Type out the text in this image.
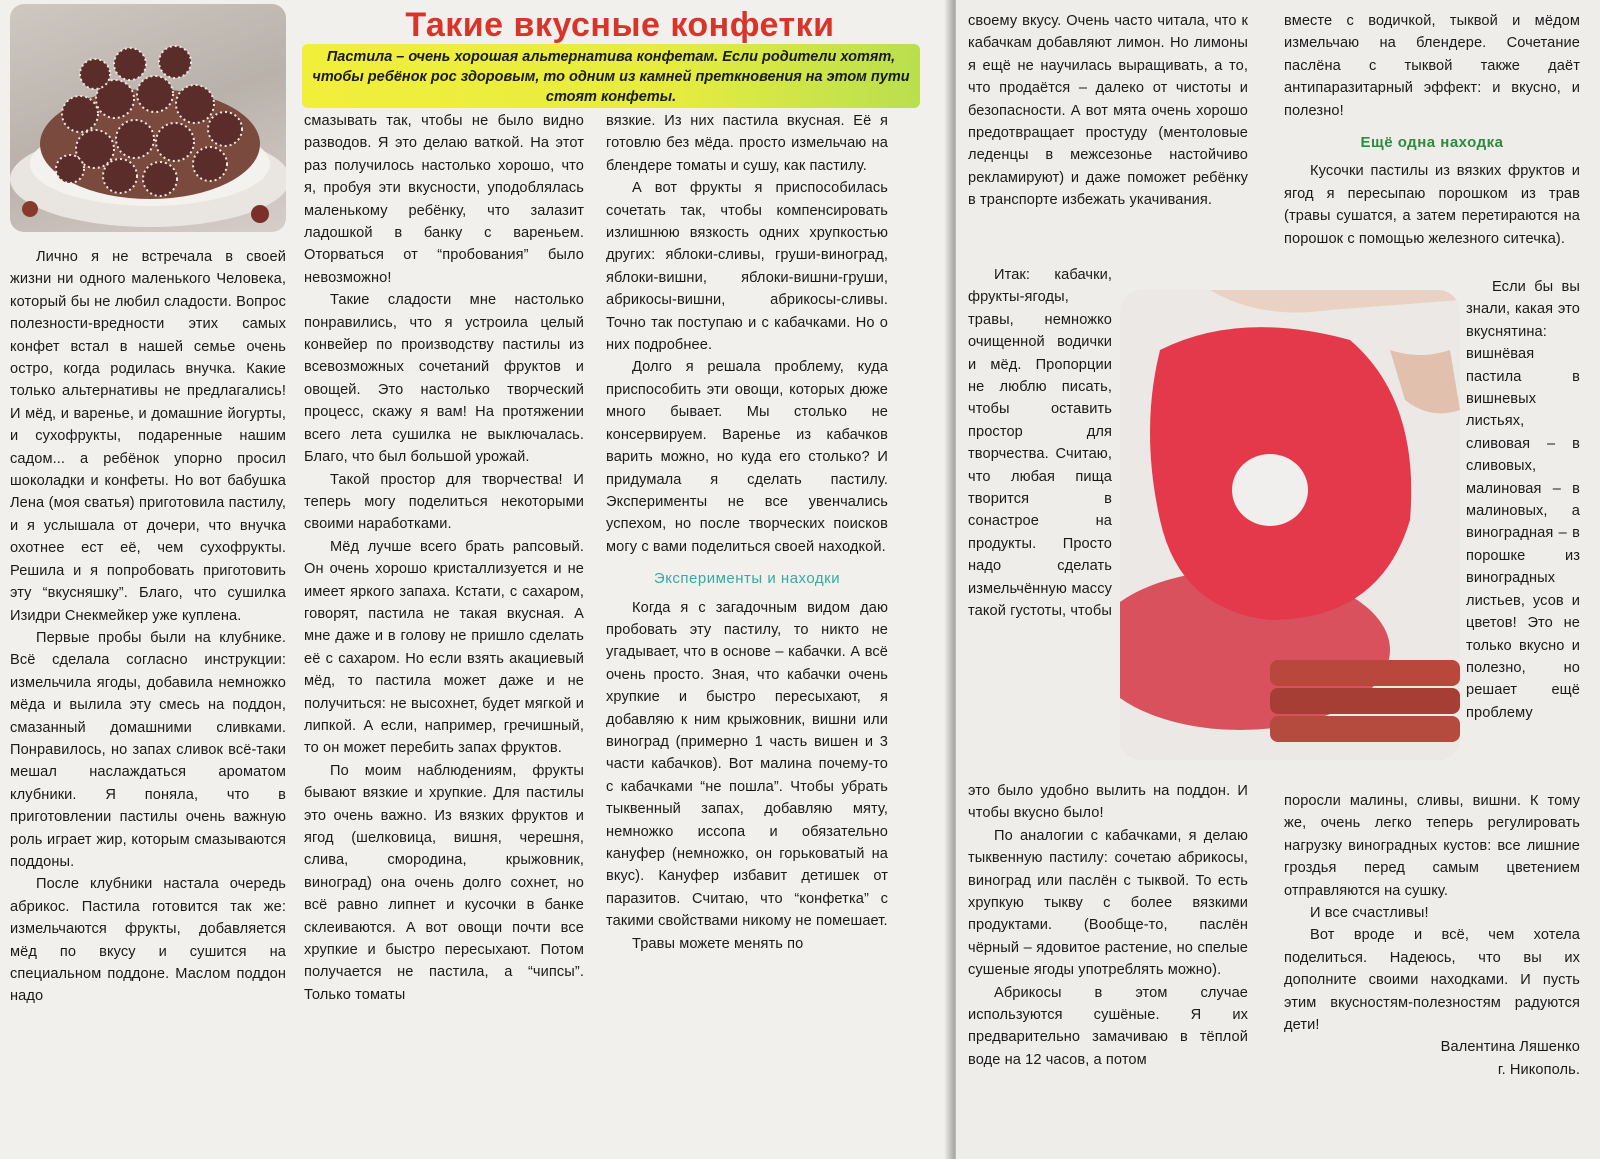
Такие вкусные конфетки
Пастила – очень хорошая альтернатива конфетам. Если родители хотят, чтобы ребёнок рос здоровым, то одним из камней преткновения на этом пути стоят конфеты.

Лично я не встречала в своей жизни ни одного маленького Человека, который бы не любил сладости. Вопрос полезности-вредности этих самых конфет встал в нашей семье очень остро, когда родилась внучка. Какие только альтернативы не предлагались! И мёд, и варенье, и домашние йогурты, и сухофрукты, подаренные нашим садом... а ребёнок упорно просил шоколадки и конфеты. Но вот бабушка Лена (моя сватья) приготовила пастилу, и я услышала от дочери, что внучка охотнее ест её, чем сухофрукты. Решила и я попробовать приготовить эту “вкусняшку”. Благо, что сушилка Изидри Снекмейкер уже куплена.

Первые пробы были на клубнике. Всё сделала согласно инструкции: измельчила ягоды, добавила немножко мёда и вылила эту смесь на поддон, смазанный домашними сливками. Понравилось, но запах сливок всё-таки мешал наслаждаться ароматом клубники. Я поняла, что в приготовлении пастилы очень важную роль играет жир, которым смазываются поддоны.

После клубники настала очередь абрикос. Пастила готовится так же: измельчаются фрукты, добавляется мёд по вкусу и сушится на специальном поддоне. Маслом поддон надо

смазывать так, чтобы не было видно разводов. Я это делаю ваткой. На этот раз получилось настолько хорошо, что я, пробуя эти вкусности, уподоблялась маленькому ребёнку, что залазит ладошкой в банку с вареньем. Оторваться от “пробования” было невозможно!

Такие сладости мне настолько понравились, что я устроила целый конвейер по производству пастилы из всевозможных сочетаний фруктов и овощей. Это настолько творческий процесс, скажу я вам! На протяжении всего лета сушилка не выключалась. Благо, что был большой урожай.

Такой простор для творчества! И теперь могу поделиться некоторыми своими наработками.

Мёд лучше всего брать рапсовый. Он очень хорошо кристаллизуется и не имеет яркого запаха. Кстати, с сахаром, говорят, пастила не такая вкусная. А мне даже и в голову не пришло сделать её с сахаром. Но если взять акациевый мёд, то пастила может даже и не получиться: не высохнет, будет мягкой и липкой. А если, например, гречишный, то он может перебить запах фруктов.

По моим наблюдениям, фрукты бывают вязкие и хрупкие. Для пастилы это очень важно. Из вязких фруктов и ягод (шелковица, вишня, черешня, слива, смородина, крыжовник, виноград) она очень долго сохнет, но всё равно липнет и кусочки в банке склеиваются. А вот овощи почти все хрупкие и быстро пересыхают. Потом получается не пастила, а “чипсы”. Только томаты

вязкие. Из них пастила вкусная. Её я готовлю без мёда. просто измельчаю на блендере томаты и сушу, как пастилу.

А вот фрукты я приспособилась сочетать так, чтобы компенсировать излишнюю вязкость одних хрупкостью других: яблоки-сливы, груши-виноград, яблоки-вишни, яблоки-вишни-груши, абрикосы-вишни, абрикосы-сливы. Точно так поступаю и с кабачками. Но о них подробнее.

Долго я решала проблему, куда приспособить эти овощи, которых дюже много бывает. Мы столько не консервируем. Варенье из кабачков варить можно, но куда его столько? И придумала я сделать пастилу. Эксперименты не все увенчались успехом, но после творческих поисков могу с вами поделиться своей находкой.

Эксперименты и находки

Когда я с загадочным видом даю пробовать эту пастилу, то никто не угадывает, что в основе – кабачки. А всё очень просто. Зная, что кабачки очень хрупкие и быстро пересыхают, я добавляю к ним крыжовник, вишни или виноград (примерно 1 часть вишен и 3 части кабачков). Вот малина почему-то с кабачками “не пошла”. Чтобы убрать тыквенный запах, добавляю мяту, немножко иссопа и обязательно кануфер (немножко, он горьковатый на вкус). Кануфер избавит детишек от паразитов. Считаю, что “конфетка” с такими свойствами никому не помешает.

Травы можете менять по

своему вкусу. Очень часто читала, что к кабачкам добавляют лимон. Но лимоны я ещё не научилась выращивать, а то, что продаётся – далеко от чистоты и безопасности. А вот мята очень хорошо предотвращает простуду (ментоловые леденцы в межсезонье настойчиво рекламируют) и даже поможет ребёнку в транспорте избежать укачивания.

Итак: кабачки, фрукты-ягоды, травы, немножко очищенной водички и мёд. Пропорции не люблю писать, чтобы оставить простор для творчества. Считаю, что любая пища творится в сонастрое на продукты. Просто надо сделать измельчённую массу такой густоты, чтобы

это было удобно вылить на поддон. И чтобы вкусно было!

По аналогии с кабачками, я делаю тыквенную пастилу: сочетаю абрикосы, виноград или паслён с тыквой. То есть хрупкую тыкву с более вязкими продуктами. (Вообще-то, паслён чёрный – ядовитое растение, но спелые сушеные ягоды употреблять можно).

Абрикосы в этом случае используются сушёные. Я их предварительно замачиваю в тёплой воде на 12 часов, а потом

вместе с водичкой, тыквой и мёдом измельчаю на блендере. Сочетание паслёна с тыквой также даёт антипаразитарный эффект: и вкусно, и полезно!

Ещё одна находка

Кусочки пастилы из вязких фруктов и ягод я пересыпаю порошком из трав (травы сушатся, а затем перетираются на порошок с помощью железного ситечка).

Если бы вы знали, какая это вкуснятина: вишнёвая пастила в вишневых листьях, сливовая – в сливовых, малиновая – в малиновых, а виноградная – в порошке из виноградных листьев, усов и цветов! Это не только вкусно и полезно, но решает ещё проблему

поросли малины, сливы, вишни. К тому же, очень легко теперь регулировать нагрузку виноградных кустов: все лишние гроздья перед самым цветением отправляются на сушку.

И все счастливы!

Вот вроде и всё, чем хотела поделиться. Надеюсь, что вы их дополните своими находками. И пусть этим вкусностям-полезностям радуются дети!

Валентина Ляшенко

г. Никополь.
